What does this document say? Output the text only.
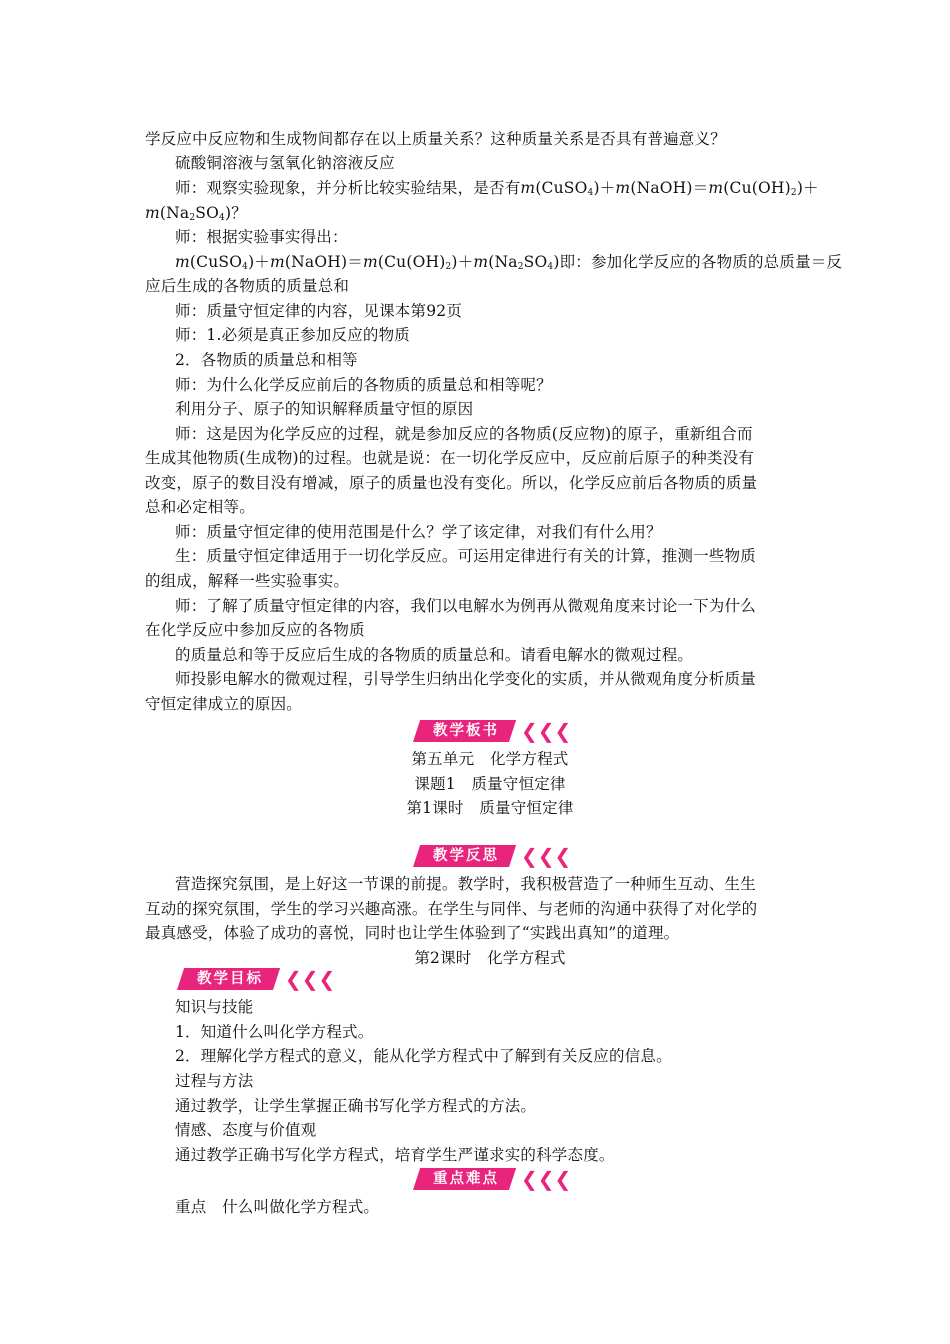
学反应中反应物和生成物间都存在以上质量关系？这种质量关系是否具有普遍意义？
硫酸铜溶液与氢氧化钠溶液反应
师：观察实验现象，并分析比较实验结果，是否有$m(CuSO_4)+m(NaOH)=m(Cu(OH)_2)+$
$m(Na_2SO_4)$？
师：根据实验事实得出：
$m(CuSO_4)+m(NaOH)=m(Cu(OH)_2)+m(Na_2SO_4)$即：参加化学反应的各物质的总质量＝反
应后生成的各物质的质量总和
师：质量守恒定律的内容，见课本第92页
师：1.必须是真正参加反应的物质
2．各物质的质量总和相等
师：为什么化学反应前后的各物质的质量总和相等呢？
利用分子、原子的知识解释质量守恒的原因
师：这是因为化学反应的过程，就是参加反应的各物质(反应物)的原子，重新组合而
生成其他物质(生成物)的过程。也就是说：在一切化学反应中，反应前后原子的种类没有
改变，原子的数目没有增减，原子的质量也没有变化。所以，化学反应前后各物质的质量
总和必定相等。
师：质量守恒定律的使用范围是什么？学了该定律，对我们有什么用？
生：质量守恒定律适用于一切化学反应。可运用定律进行有关的计算，推测一些物质
的组成，解释一些实验事实。
师：了解了质量守恒定律的内容，我们以电解水为例再从微观角度来讨论一下为什么
在化学反应中参加反应的各物质
的质量总和等于反应后生成的各物质的质量总和。请看电解水的微观过程。
师投影电解水的微观过程，引导学生归纳出化学变化的实质，并从微观角度分析质量
守恒定律成立的原因。
教学板书	❮❮❮
第五单元　化学方程式
课题1　质量守恒定律
第1课时　质量守恒定律
教学反思	❮❮❮
营造探究氛围，是上好这一节课的前提。教学时，我积极营造了一种师生互动、生生
互动的探究氛围，学生的学习兴趣高涨。在学生与同伴、与老师的沟通中获得了对化学的
最真感受，体验了成功的喜悦，同时也让学生体验到了“实践出真知”的道理。
第2课时　化学方程式
教学目标	❮❮❮
知识与技能
1．知道什么叫化学方程式。
2．理解化学方程式的意义，能从化学方程式中了解到有关反应的信息。
过程与方法
通过教学，让学生掌握正确书写化学方程式的方法。
情感、态度与价值观
通过教学正确书写化学方程式，培育学生严谨求实的科学态度。
重点难点	❮❮❮
重点　什么叫做化学方程式。
